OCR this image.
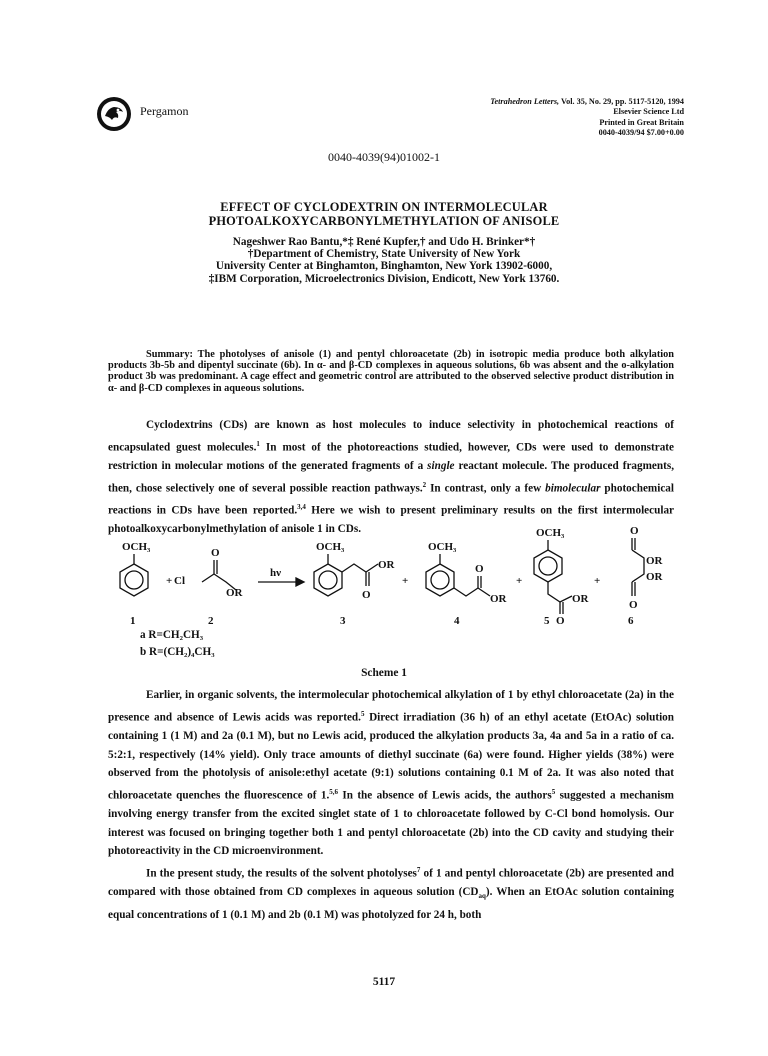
Pergamon
Tetrahedron Letters, Vol. 35, No. 29, pp. 5117-5120, 1994
Elsevier Science Ltd
Printed in Great Britain
0040-4039/94 $7.00+0.00
0040-4039(94)01002-1
EFFECT OF CYCLODEXTRIN ON INTERMOLECULAR
PHOTOALKOXYCARBONYLMETHYLATION OF ANISOLE
Nageshwer Rao Bantu,*‡ René Kupfer,† and Udo H. Brinker*†
†Department of Chemistry, State University of New York
University Center at Binghamton, Binghamton, New York 13902-6000,
‡IBM Corporation, Microelectronics Division, Endicott, New York 13760.
Summary: The photolyses of anisole (1) and pentyl chloroacetate (2b) in isotropic media produce both alkylation products 3b-5b and dipentyl succinate (6b). In α- and β-CD complexes in aqueous solutions, 6b was absent and the o-alkylation product 3b was predominant. A cage effect and geometric control are attributed to the observed selective product distribution in α- and β-CD complexes in aqueous solutions.

Cyclodextrins (CDs) are known as host molecules to induce selectivity in photochemical reactions of encapsulated guest molecules.$^1$ In most of the photoreactions studied, however, CDs were used to demonstrate restriction in molecular motions of the generated fragments of a single reactant molecule. The produced fragments, then, chose selectively one of several possible reaction pathways.$^2$ In contrast, only a few bimolecular photochemical reactions in CDs have been reported.$^{3,4}$ Here we wish to present preliminary results on the first intermolecular photoalkoxycarbonylmethylation of anisole 1 in CDs.

OCH₃
+ Cl
O
OR
hν
OCH₃
OR
O
+
OCH₃
O
OR
+
OCH₃
OR
+
O
OR
OR
O
1	2	3	4	5 O	6
a R=CH₂CH₃
b R=(CH₂)₄CH₃
Scheme 1

Earlier, in organic solvents, the intermolecular photochemical alkylation of 1 by ethyl chloroacetate (2a) in the presence and absence of Lewis acids was reported.$^5$ Direct irradiation (36 h) of an ethyl acetate (EtOAc) solution containing 1 (1 M) and 2a (0.1 M), but no Lewis acid, produced the alkylation products 3a, 4a and 5a in a ratio of ca. 5:2:1, respectively (14% yield). Only trace amounts of diethyl succinate (6a) were found. Higher yields (38%) were observed from the photolysis of anisole:ethyl acetate (9:1) solutions containing 0.1 M of 2a. It was also noted that chloroacetate quenches the fluorescence of 1.$^{5,6}$ In the absence of Lewis acids, the authors$^5$ suggested a mechanism involving energy transfer from the excited singlet state of 1 to chloroacetate followed by C-Cl bond homolysis. Our interest was focused on bringing together both 1 and pentyl chloroacetate (2b) into the CD cavity and studying their photoreactivity in the CD microenvironment.

In the present study, the results of the solvent photolyses$^7$ of 1 and pentyl chloroacetate (2b) are presented and compared with those obtained from CD complexes in aqueous solution $(CD_{aq})$. When an EtOAc solution containing equal concentrations of 1 (0.1 M) and 2b (0.1 M) was photolyzed for 24 h, both

5117
